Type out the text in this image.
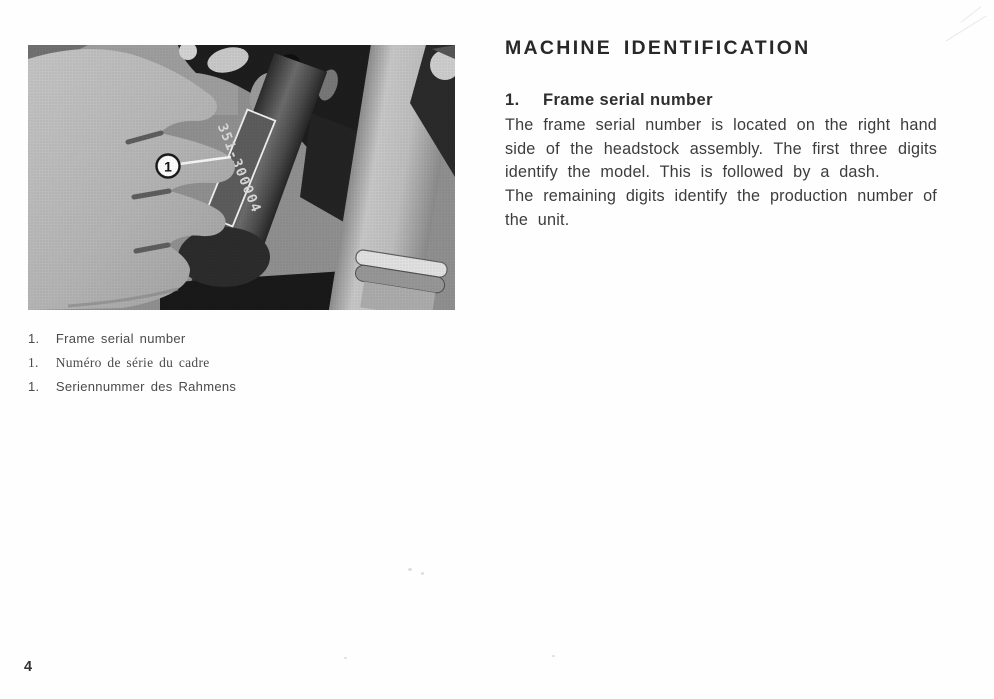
1. Frame serial number
1. Numéro de série du cadre
1. Seriennummer des Rahmens
MACHINE IDENTIFICATION
1. Frame serial number

The frame serial number is located on the right hand

side of the headstock assembly. The first three digits

identify the model. This is followed by a dash.

The remaining digits identify the production number of

the unit.

4
